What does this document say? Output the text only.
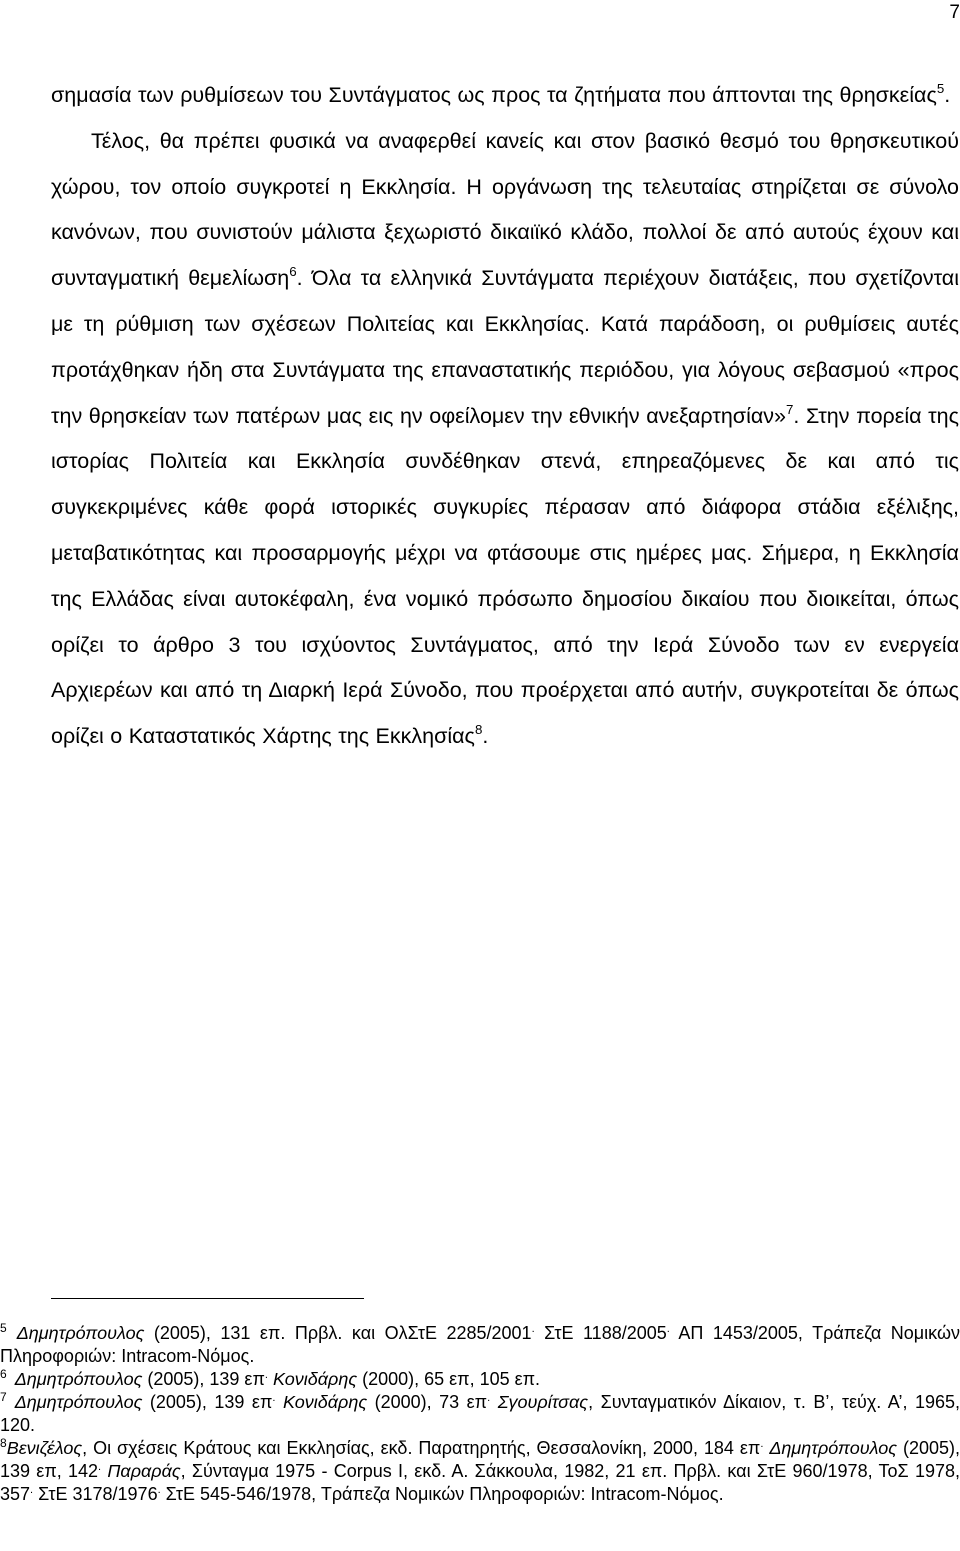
7

σημασία των ρυθμίσεων του Συντάγματος ως προς τα ζητήματα που άπτονται της θρησκείας$^5$.

Τέλος, θα πρέπει φυσικά να αναφερθεί κανείς και στον βασικό θεσμό του θρησκευτικού χώρου, τον οποίο συγκροτεί η Εκκλησία. Η οργάνωση της τελευταίας στηρίζεται σε σύνολο κανόνων, που συνιστούν μάλιστα ξεχωριστό δικαιϊκό κλάδο, πολλοί δε από αυτούς έχουν και συνταγματική θεμελίωση$^6$. Όλα τα ελληνικά Συντάγματα περιέχουν διατάξεις, που σχετίζονται με τη ρύθμιση των σχέσεων Πολιτείας και Εκκλησίας. Κατά παράδοση, οι ρυθμίσεις αυτές προτάχθηκαν ήδη στα Συντάγματα της επαναστατικής περιόδου, για λόγους σεβασμού «προς την θρησκείαν των πατέρων μας εις ην οφείλομεν την εθνικήν ανεξαρτησίαν»$^7$. Στην πορεία της ιστορίας Πολιτεία και Εκκλησία συνδέθηκαν στενά, επηρεαζόμενες δε και από τις συγκεκριμένες κάθε φορά ιστορικές συγκυρίες πέρασαν από διάφορα στάδια εξέλιξης, μεταβατικότητας και προσαρμογής μέχρι να φτάσουμε στις ημέρες μας. Σήμερα, η Εκκλησία της Ελλάδας είναι αυτοκέφαλη, ένα νομικό πρόσωπο δημοσίου δικαίου που διοικείται, όπως ορίζει το άρθρο 3 του ισχύοντος Συντάγματος, από την Ιερά Σύνοδο των εν ενεργεία Αρχιερέων και από τη Διαρκή Ιερά Σύνοδο, που προέρχεται από αυτήν, συγκροτείται δε όπως ορίζει ο Καταστατικός Χάρτης της Εκκλησίας$^8$.

$^5$ Δημητρόπουλος (2005), 131 επ. Πρβλ. και ΟλΣτΕ 2285/2001. ΣτΕ 1188/2005. ΑΠ 1453/2005, Τράπεζα Νομικών Πληροφοριών: Intracom-Νόμος.

$^6$ Δημητρόπουλος (2005), 139 επ. Κονιδάρης (2000), 65 επ, 105 επ.

$^7$ Δημητρόπουλος (2005), 139 επ. Κονιδάρης (2000), 73 επ. Σγουρίτσας, Συνταγματικόν Δίκαιον, τ. Β’, τεύχ. Α’, 1965, 120.

$^8$Βενιζέλος, Οι σχέσεις Κράτους και Εκκλησίας, εκδ. Παρατηρητής, Θεσσαλονίκη, 2000, 184 επ. Δημητρόπουλος (2005), 139 επ, 142. Παραράς, Σύνταγμα 1975 - Corpus I, εκδ. Α. Σάκκουλα, 1982, 21 επ. Πρβλ. και ΣτΕ 960/1978, ΤοΣ 1978, 357. ΣτΕ 3178/1976. ΣτΕ 545-546/1978, Τράπεζα Νομικών Πληροφοριών: Intracom-Νόμος.
